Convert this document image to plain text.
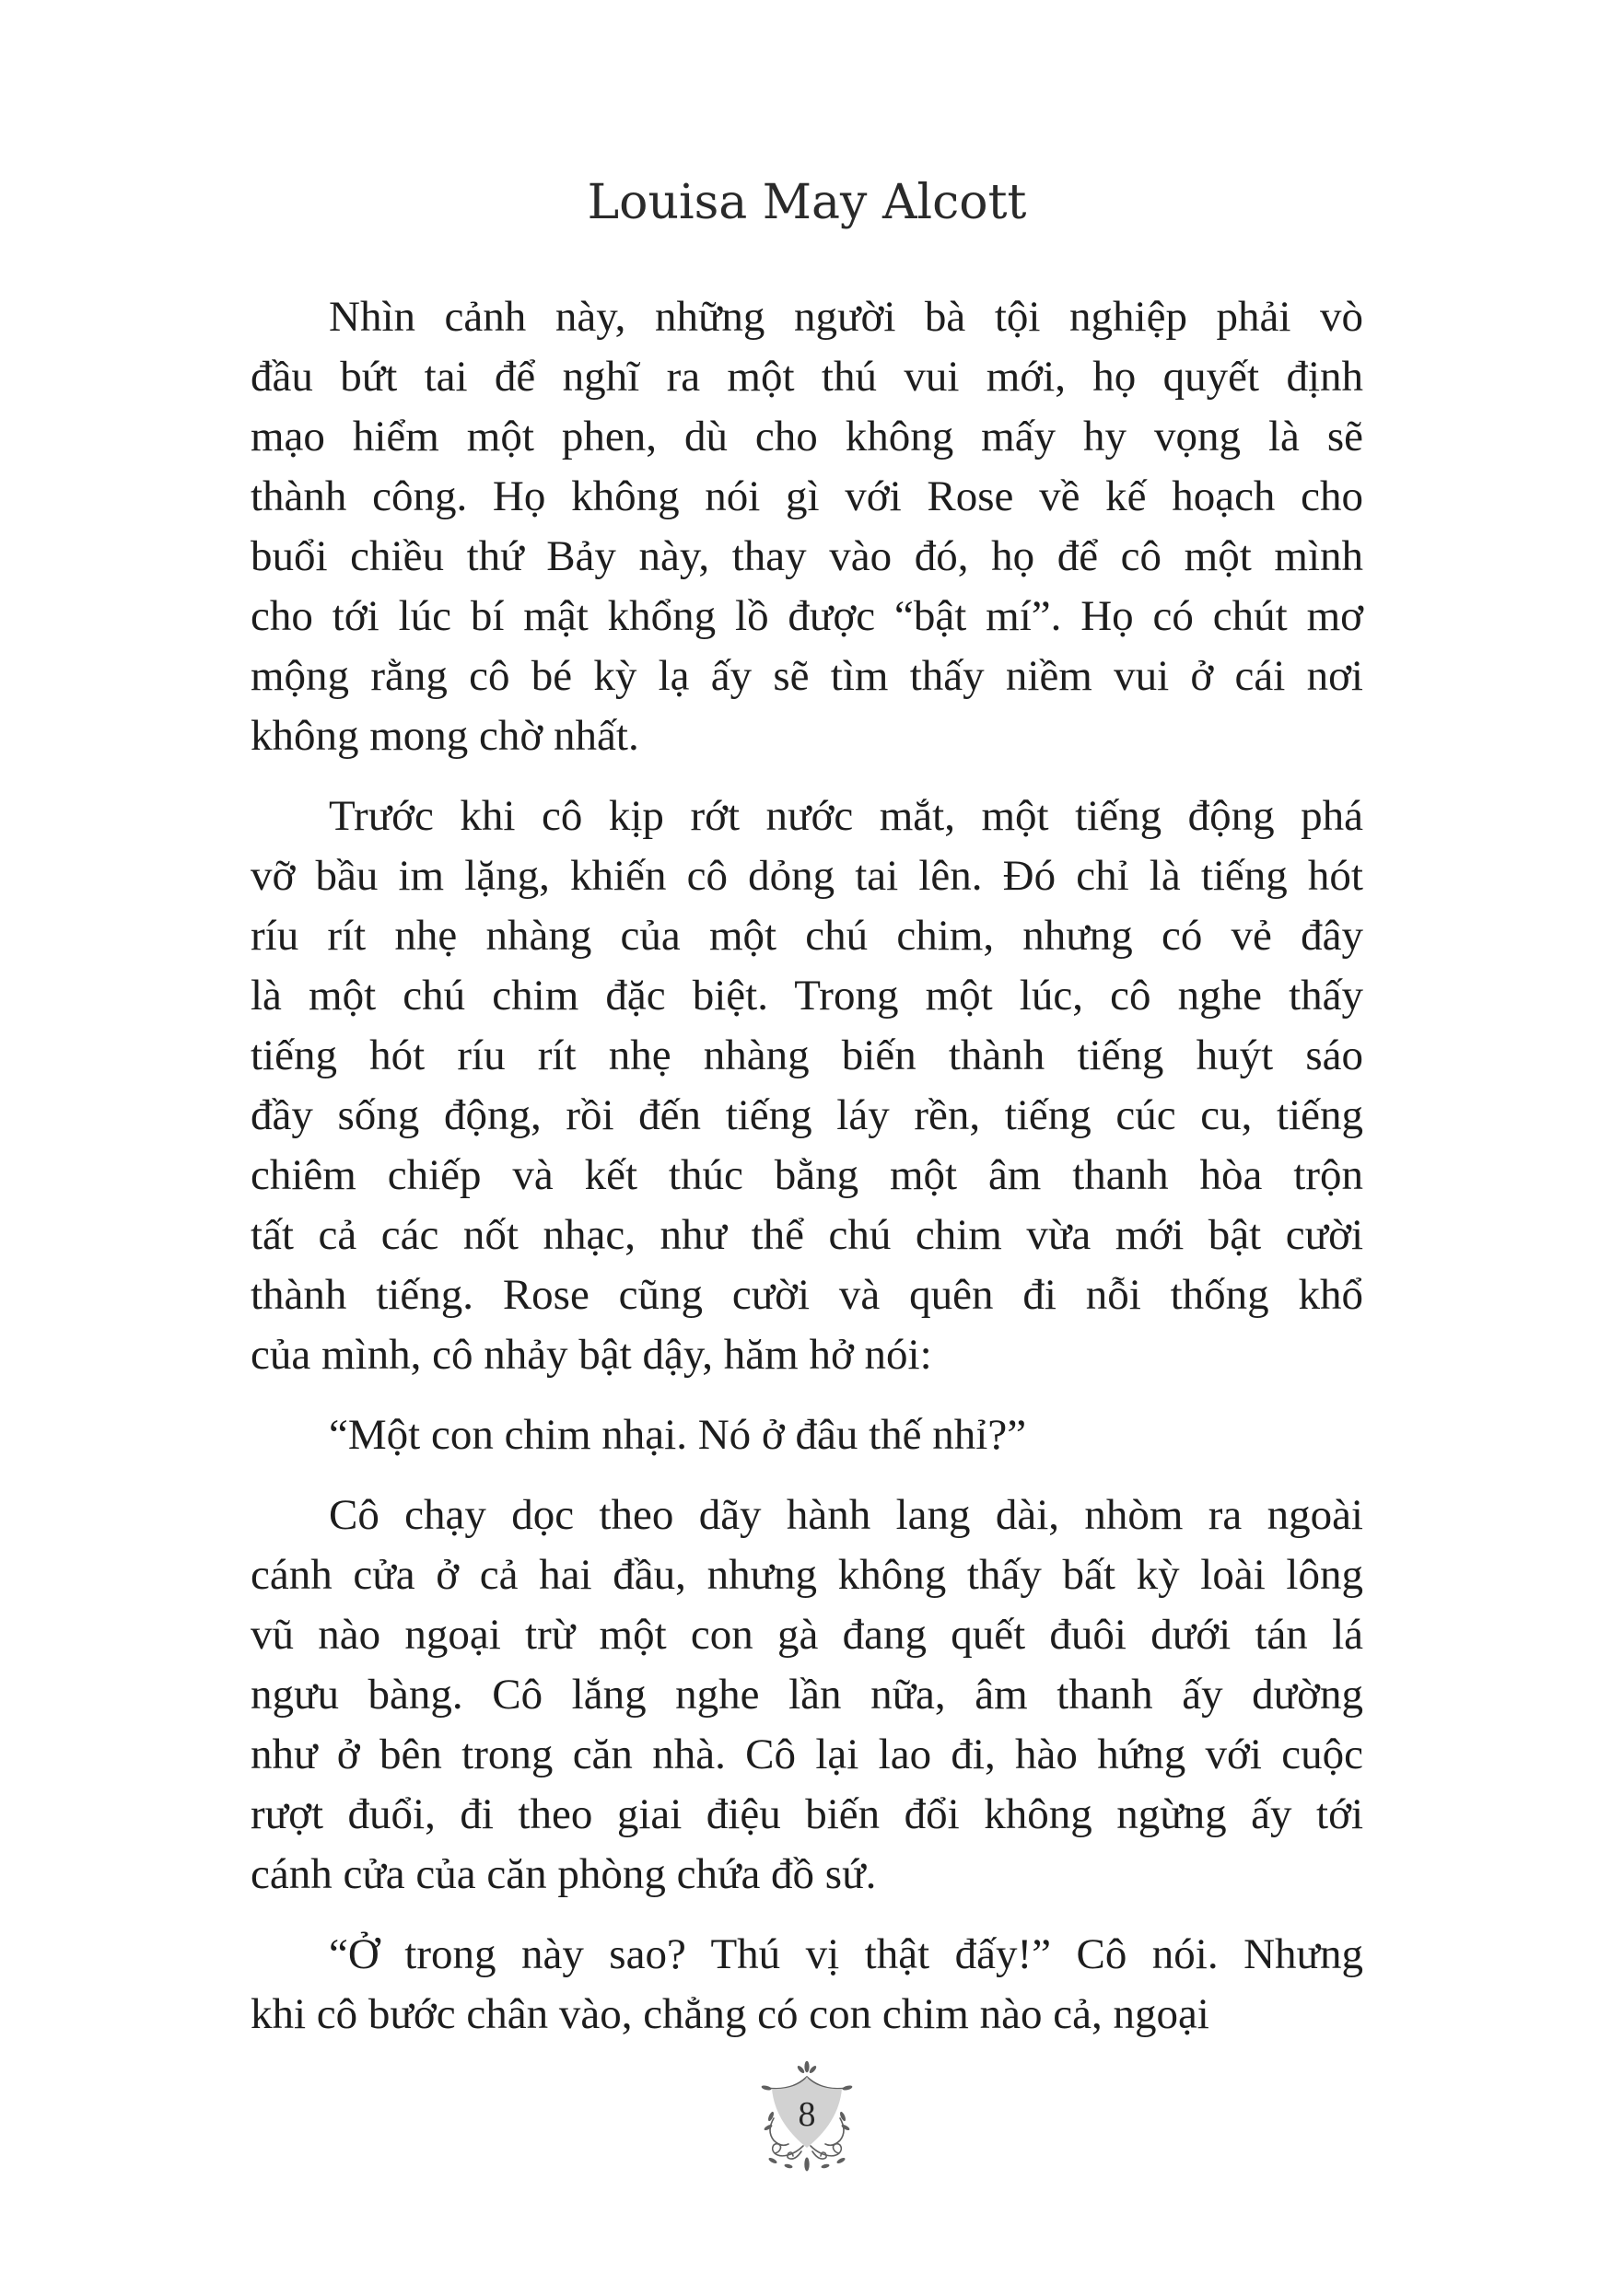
Louisa May Alcott
Nhìn cảnh này, những người bà tội nghiệp phải vò
đầu bứt tai để nghĩ ra một thú vui mới, họ quyết định
mạo hiểm một phen, dù cho không mấy hy vọng là sẽ
thành công. Họ không nói gì với Rose về kế hoạch cho
buổi chiều thứ Bảy này, thay vào đó, họ để cô một mình
cho tới lúc bí mật khổng lồ được “bật mí”. Họ có chút mơ
mộng rằng cô bé kỳ lạ ấy sẽ tìm thấy niềm vui ở cái nơi
không mong chờ nhất.
Trước khi cô kịp rớt nước mắt, một tiếng động phá
vỡ bầu im lặng, khiến cô dỏng tai lên. Đó chỉ là tiếng hót
ríu rít nhẹ nhàng của một chú chim, nhưng có vẻ đây
là một chú chim đặc biệt. Trong một lúc, cô nghe thấy
tiếng hót ríu rít nhẹ nhàng biến thành tiếng huýt sáo
đầy sống động, rồi đến tiếng láy rền, tiếng cúc cu, tiếng
chiêm chiếp và kết thúc bằng một âm thanh hòa trộn
tất cả các nốt nhạc, như thể chú chim vừa mới bật cười
thành tiếng. Rose cũng cười và quên đi nỗi thống khổ
của mình, cô nhảy bật dậy, hăm hở nói:
“Một con chim nhại. Nó ở đâu thế nhỉ?”
Cô chạy dọc theo dãy hành lang dài, nhòm ra ngoài
cánh cửa ở cả hai đầu, nhưng không thấy bất kỳ loài lông
vũ nào ngoại trừ một con gà đang quết đuôi dưới tán lá
ngưu bàng. Cô lắng nghe lần nữa, âm thanh ấy dường
như ở bên trong căn nhà. Cô lại lao đi, hào hứng với cuộc
rượt đuổi, đi theo giai điệu biến đổi không ngừng ấy tới
cánh cửa của căn phòng chứa đồ sứ.
“Ở trong này sao? Thú vị thật đấy!” Cô nói. Nhưng
khi cô bước chân vào, chẳng có con chim nào cả, ngoại
8
